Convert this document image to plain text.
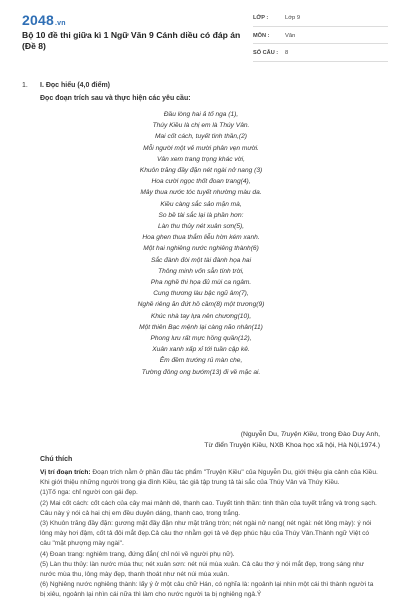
2048.vn
Bộ 10 đề thi giữa kì 1 Ngữ Văn 9 Cánh diều có đáp án (Đề 8)
LỚP :	Lớp 9
MÔN :	Văn
SỐ CÂU :	8
1. I. Đọc hiểu (4,0 điểm)
Đọc đoạn trích sau và thực hiện các yêu cầu:
Đầu lòng hai ả tố nga (1),
Thúy Kiều là chị em là Thúy Vân.
Mai cốt cách, tuyết tinh thần,(2)
Mỗi người một vẻ mười phân vẹn mười.
Vân xem trang trọng khác vời,
Khuôn trăng đầy đặn nét ngài nở nang (3)
Hoa cười ngọc thốt đoan trang(4),
Mây thua nước tóc tuyết nhường màu da.
Kiều càng sắc sảo mặn mà,
So bề tài sắc lại là phần hơn:
Làn thu thủy nét xuân sơn(5),
Hoa ghen thua thắm liễu hờn kém xanh.
Một hai nghiêng nước nghiêng thành(6)
Sắc đành đòi một tài đành họa hai
Thông minh vốn sẵn tính trời,
Pha nghề thi họa đủ mùi ca ngâm.
Cung thương làu bậc ngũ âm(7),
Nghề riêng ăn đứt hồ cầm(8) một trương(9)
Khúc nhà tay lựa nên chương(10),
Một thiên Bạc mệnh lại càng não nhân(11)
Phong lưu rất mực hồng quần(12),
Xuân xanh xấp xỉ tới tuần cập kê.
Êm đềm trướng rủ màn che,
Tường đông ong bướm(13) đi về mặc ai.
(Nguyễn Du, Truyện Kiều, trong Đào Duy Anh,
Từ điển Truyện Kiều, NXB Khoa học xã hội, Hà Nội,1974.)
Chú thích

Vị trí đoạn trích: Đoạn trích nằm ở phần đầu tác phẩm "Truyện Kiều" của Nguyễn Du, giới thiệu gia cảnh của Kiều. Khi giới thiệu những người trong gia đình Kiều, tác giả tập trung tả tài sắc của Thúy Vân và Thúy Kiều.

(1)Tố nga: chỉ người con gái đẹp.

(2) Mai cốt cách: cốt cách của cây mai mảnh dẻ, thanh cao. Tuyết tinh thần: tinh thần của tuyết trắng và trong sạch. Câu này ý nói cả hai chị em đều duyên dáng, thanh cao, trong trắng.

(3) Khuôn trăng đầy đặn: gương mặt đầy đặn như mặt trăng tròn; nét ngài nở nang( nét ngài: nét lông mày): ý nói lông mày hơi đậm, cốt tả đôi mắt đẹp.Cả câu thơ nhằm gợi tả vẻ đẹp phúc hậu của Thúy Vân.Thành ngữ Việt có câu "mặt phượng mày ngài".

(4) Đoan trang: nghiêm trang, đứng đắn( chỉ nói về người phụ nữ).

(5) Làn thu thủy: làn nước mùa thu; nét xuân sơn: nét núi mùa xuân. Cả câu thơ ý nói mắt đẹp, trong sáng như nước mùa thu, lông mày đẹp, thanh thoát như nét núi mùa xuân.

(6) Nghiêng nước nghiêng thành: lấy ý ở một câu chữ Hán, có nghĩa là: ngoảnh lại nhìn một cái thì thành người ta bị xiêu, ngoảnh lại nhìn cái nữa thì làm cho nước người ta bị nghiêng ngả.Ý
